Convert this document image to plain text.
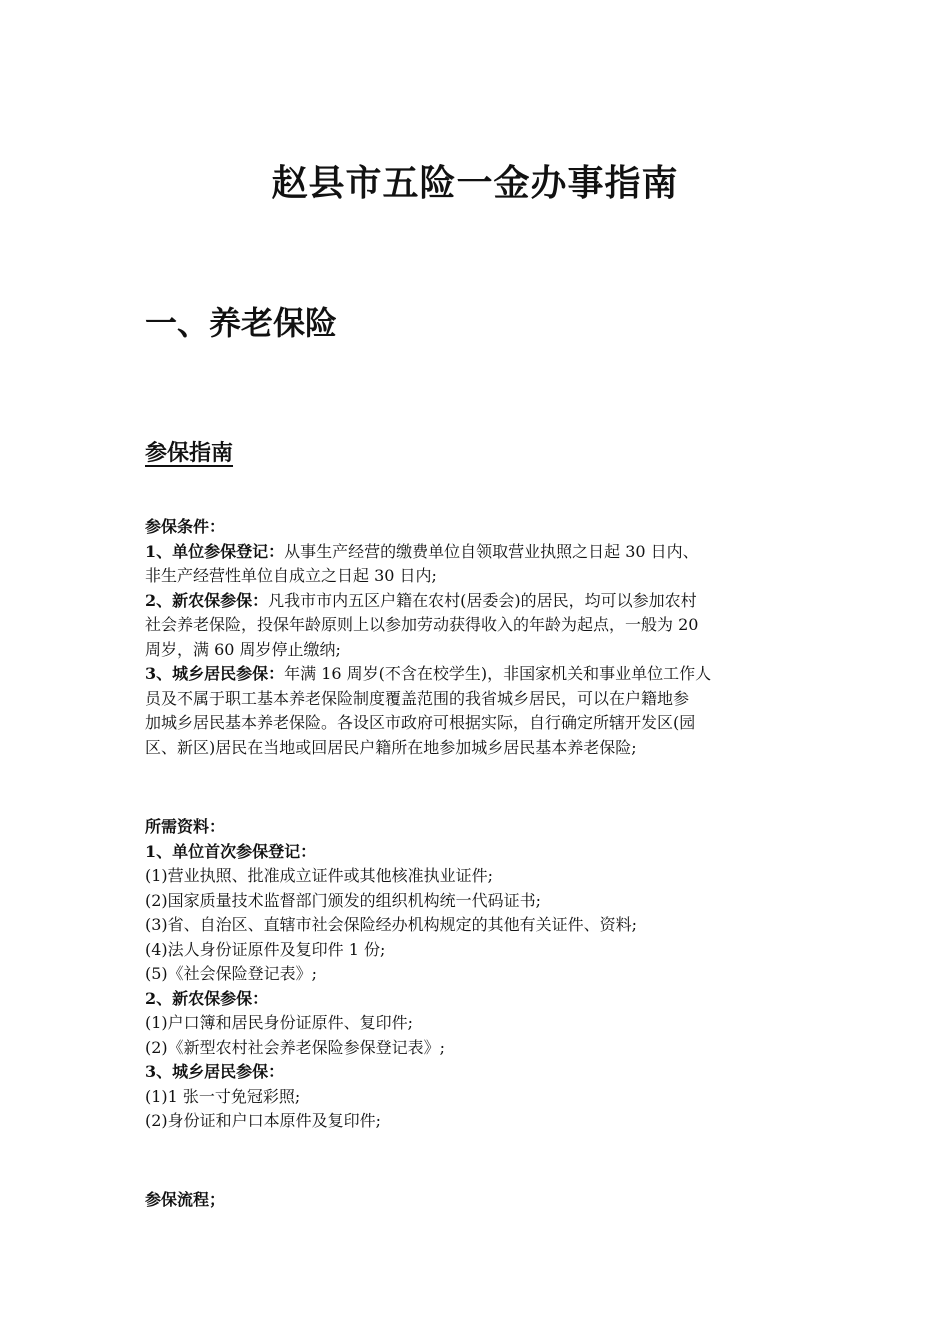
赵县市五险一金办事指南
一、养老保险
参保指南
参保条件：
1、单位参保登记：从事生产经营的缴费单位自领取营业执照之日起 30 日内、
非生产经营性单位自成立之日起 30 日内;
2、新农保参保：凡我市市内五区户籍在农村(居委会)的居民，均可以参加农村
社会养老保险，投保年龄原则上以参加劳动获得收入的年龄为起点，一般为 20
周岁，满 60 周岁停止缴纳;
3、城乡居民参保：年满 16 周岁(不含在校学生)，非国家机关和事业单位工作人
员及不属于职工基本养老保险制度覆盖范围的我省城乡居民，可以在户籍地参
加城乡居民基本养老保险。各设区市政府可根据实际，自行确定所辖开发区(园
区、新区)居民在当地或回居民户籍所在地参加城乡居民基本养老保险;
所需资料：
1、单位首次参保登记：
(1)营业执照、批准成立证件或其他核准执业证件;
(2)国家质量技术监督部门颁发的组织机构统一代码证书;
(3)省、自治区、直辖市社会保险经办机构规定的其他有关证件、资料;
(4)法人身份证原件及复印件 1 份;
(5)《社会保险登记表》;
2、新农保参保：
(1)户口簿和居民身份证原件、复印件;
(2)《新型农村社会养老保险参保登记表》;
3、城乡居民参保：
(1)1 张一寸免冠彩照;
(2)身份证和户口本原件及复印件;
参保流程；
